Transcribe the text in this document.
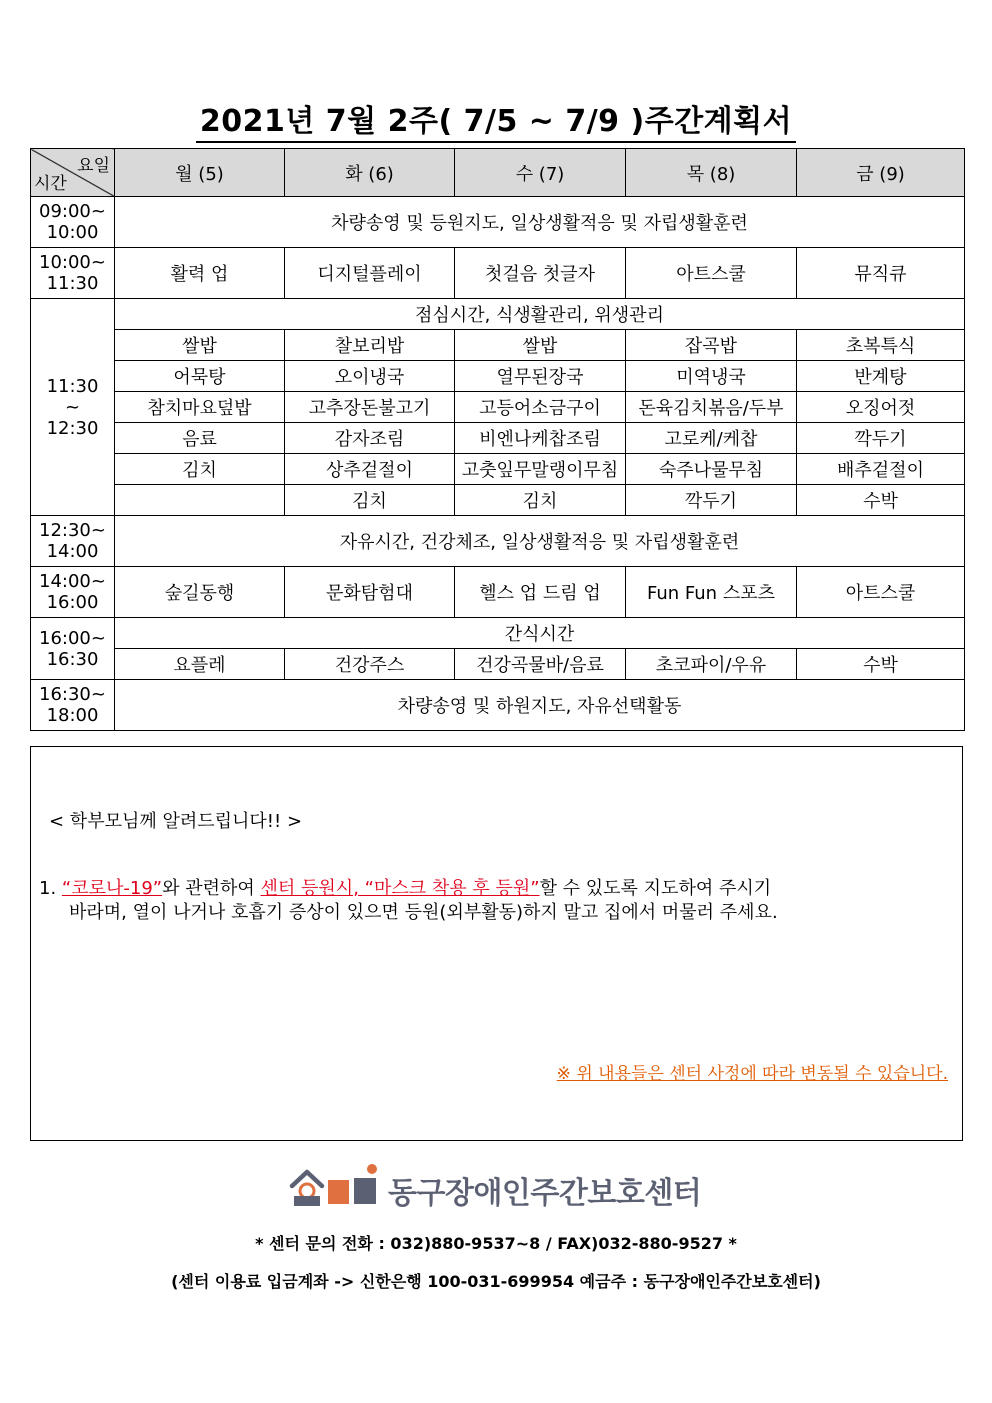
2021년 7월 2주( 7/5 ~ 7/9 )주간계획서
요일
시간	월 (5)	화 (6)	수 (7)	목 (8)	금 (9)

09:00~
10:00	차량송영 및 등원지도, 일상생활적응 및 자립생활훈련				

10:00~
11:30	활력 업	디지털플레이	첫걸음 첫글자	아트스쿨	뮤직큐

11:30
~
12:30	점심시간, 식생활관리, 위생관리				
	쌀밥	찰보리밥	쌀밥	잡곡밥	초복특식
	어묵탕	오이냉국	열무된장국	미역냉국	반계탕
	참치마요덮밥	고추장돈불고기	고등어소금구이	돈육김치볶음/두부	오징어젓
	음료	감자조림	비엔나케찹조림	고로케/케찹	깍두기
	김치	상추겉절이	고춧잎무말랭이무침	숙주나물무침	배추겉절이
		김치	김치	깍두기	수박

12:30~
14:00	자유시간, 건강체조, 일상생활적응 및 자립생활훈련				

14:00~
16:00	숲길동행	문화탐험대	헬스 업 드림 업	Fun Fun 스포츠	아트스쿨

16:00~
16:30	간식시간				
	요플레	건강주스	건강곡물바/음료	초코파이/우유	수박

16:30~
18:00	차량송영 및 하원지도, 자유선택활동				
< 학부모님께 알려드립니다!! >
1. “코로나-19”와 관련하여 센터 등원시, “마스크 착용 후 등원”할 수 있도록 지도하여 주시기
바라며, 열이 나거나 호흡기 증상이 있으면 등원(외부활동)하지 말고 집에서 머물러 주세요.
※ 위 내용들은 센터 사정에 따라 변동될 수 있습니다.
동구장애인주간보호센터
* 센터 문의 전화 : 032)880-9537~8 / FAX)032-880-9527 *
(센터 이용료 입금계좌 -> 신한은행 100-031-699954 예금주 : 동구장애인주간보호센터)
